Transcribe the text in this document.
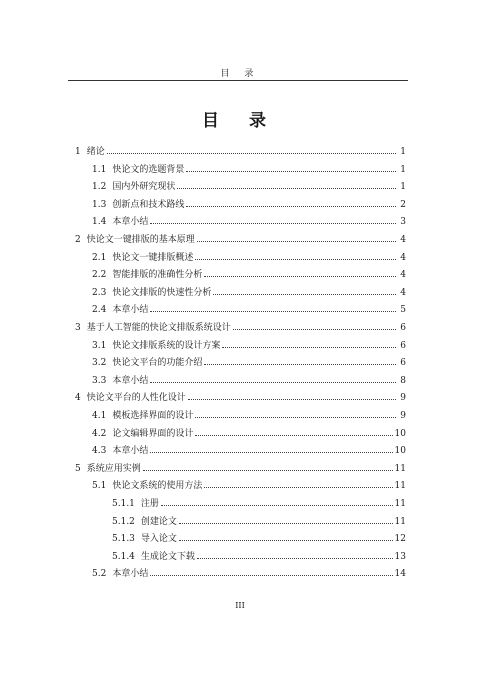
目 录
目 录
1 绪论	1
1.1 快论文的选题背景	1
1.2 国内外研究现状	1
1.3 创新点和技术路线	2
1.4 本章小结	3
2 快论文一键排版的基本原理	4
2.1 快论文一键排版概述	4
2.2 智能排版的准确性分析	4
2.3 快论文排版的快速性分析	4
2.4 本章小结	5
3 基于人工智能的快论文排版系统设计	6
3.1 快论文排版系统的设计方案	6
3.2 快论文平台的功能介绍	6
3.3 本章小结	8
4 快论文平台的人性化设计	9
4.1 模板选择界面的设计	9
4.2 论文编辑界面的设计	10
4.3 本章小结	10
5 系统应用实例	11
5.1 快论文系统的使用方法	11
5.1.1 注册	11
5.1.2 创建论文	11
5.1.3 导入论文	12
5.1.4 生成论文下载	13
5.2 本章小结	14
III
